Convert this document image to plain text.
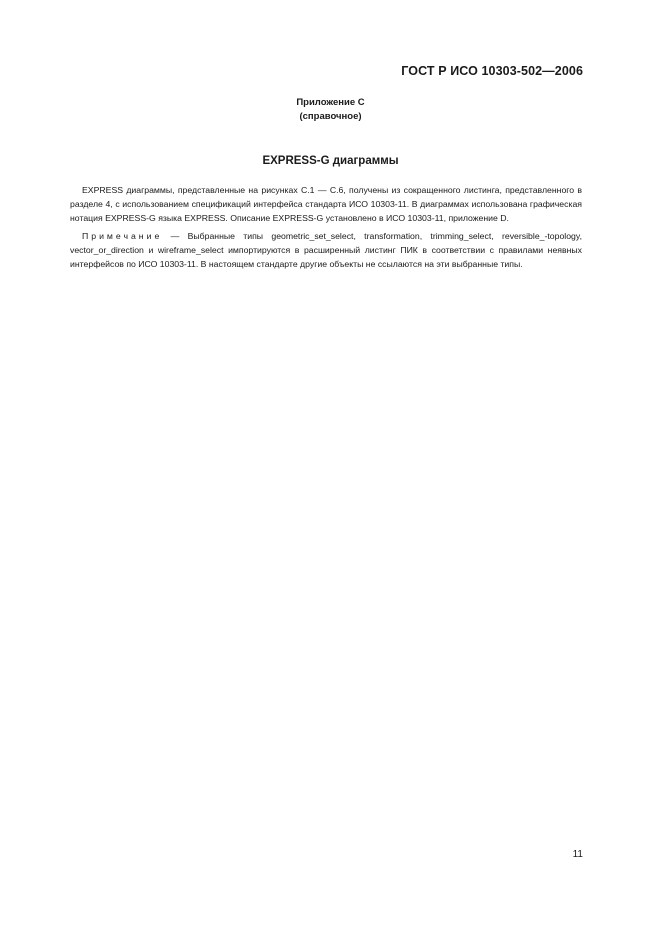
ГОСТ Р ИСО 10303-502—2006
Приложение С
(справочное)
EXPRESS-G диаграммы

EXPRESS диаграммы, представленные на рисунках С.1 — С.6, получены из сокращенного листинга, представленного в разделе 4, с использованием спецификаций интерфейса стандарта ИСО 10303-11. В диаграммах использована графическая нотация EXPRESS-G языка EXPRESS. Описание EXPRESS-G установлено в ИСО 10303-11, приложение D.

Примечание — Выбранные типы geometric_set_select, transformation, trimming_select, reversible_-topology, vector_or_direction и wireframe_select импортируются в расширенный листинг ПИК в соответствии с правилами неявных интерфейсов по ИСО 10303-11. В настоящем стандарте другие объекты не ссылаются на эти выбранные типы.

11
